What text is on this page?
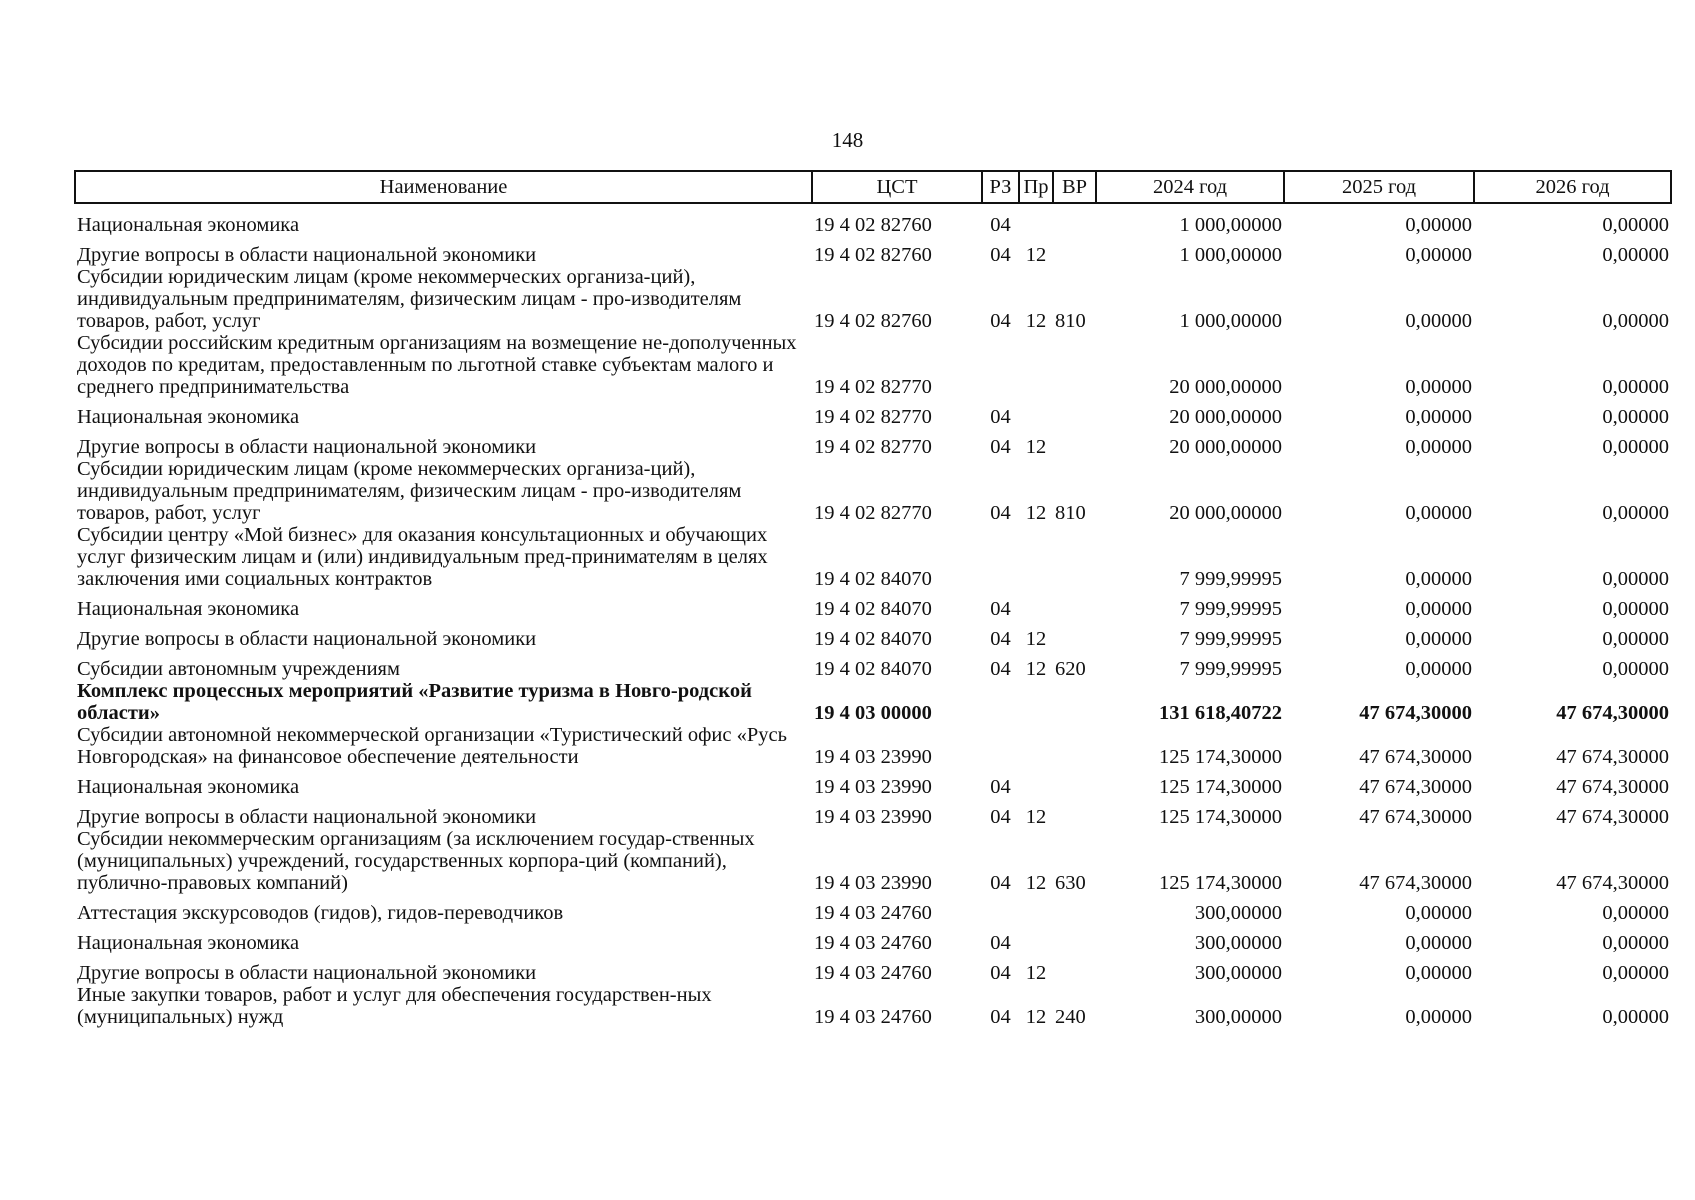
148
Наименование	ЦСТ	РЗ	Пр	ВР	2024 год	2025 год	2026 год
Национальная экономика	19 4 02 82760	04			1 000,00000	0,00000	0,00000
Другие вопросы в области национальной экономики	19 4 02 82760	04	12		1 000,00000	0,00000	0,00000
Субсидии юридическим лицам (кроме некоммерческих организа-ций), индивидуальным предпринимателям, физическим лицам - про-изводителям товаров, работ, услуг	19 4 02 82760	04	12	810	1 000,00000	0,00000	0,00000
Субсидии российским кредитным организациям на возмещение не-дополученных доходов по кредитам, предоставленным по льготной ставке субъектам малого и среднего предпринимательства	19 4 02 82770				20 000,00000	0,00000	0,00000
Национальная экономика	19 4 02 82770	04			20 000,00000	0,00000	0,00000
Другие вопросы в области национальной экономики	19 4 02 82770	04	12		20 000,00000	0,00000	0,00000
Субсидии юридическим лицам (кроме некоммерческих организа-ций), индивидуальным предпринимателям, физическим лицам - про-изводителям товаров, работ, услуг	19 4 02 82770	04	12	810	20 000,00000	0,00000	0,00000
Субсидии центру «Мой бизнес» для оказания консультационных и обучающих услуг физическим лицам и (или) индивидуальным пред-принимателям в целях заключения ими социальных контрактов	19 4 02 84070				7 999,99995	0,00000	0,00000
Национальная экономика	19 4 02 84070	04			7 999,99995	0,00000	0,00000
Другие вопросы в области национальной экономики	19 4 02 84070	04	12		7 999,99995	0,00000	0,00000
Субсидии автономным учреждениям	19 4 02 84070	04	12	620	7 999,99995	0,00000	0,00000
Комплекс процессных мероприятий «Развитие туризма в Новго-родской области»	19 4 03 00000				131 618,40722	47 674,30000	47 674,30000
Субсидии автономной некоммерческой организации «Туристический офис «Русь Новгородская» на финансовое обеспечение деятельности	19 4 03 23990				125 174,30000	47 674,30000	47 674,30000
Национальная экономика	19 4 03 23990	04			125 174,30000	47 674,30000	47 674,30000
Другие вопросы в области национальной экономики	19 4 03 23990	04	12		125 174,30000	47 674,30000	47 674,30000
Субсидии некоммерческим организациям (за исключением государ-ственных (муниципальных) учреждений, государственных корпора-ций (компаний), публично-правовых компаний)	19 4 03 23990	04	12	630	125 174,30000	47 674,30000	47 674,30000
Аттестация экскурсоводов (гидов), гидов-переводчиков	19 4 03 24760				300,00000	0,00000	0,00000
Национальная экономика	19 4 03 24760	04			300,00000	0,00000	0,00000
Другие вопросы в области национальной экономики	19 4 03 24760	04	12		300,00000	0,00000	0,00000
Иные закупки товаров, работ и услуг для обеспечения государствен-ных (муниципальных) нужд	19 4 03 24760	04	12	240	300,00000	0,00000	0,00000
